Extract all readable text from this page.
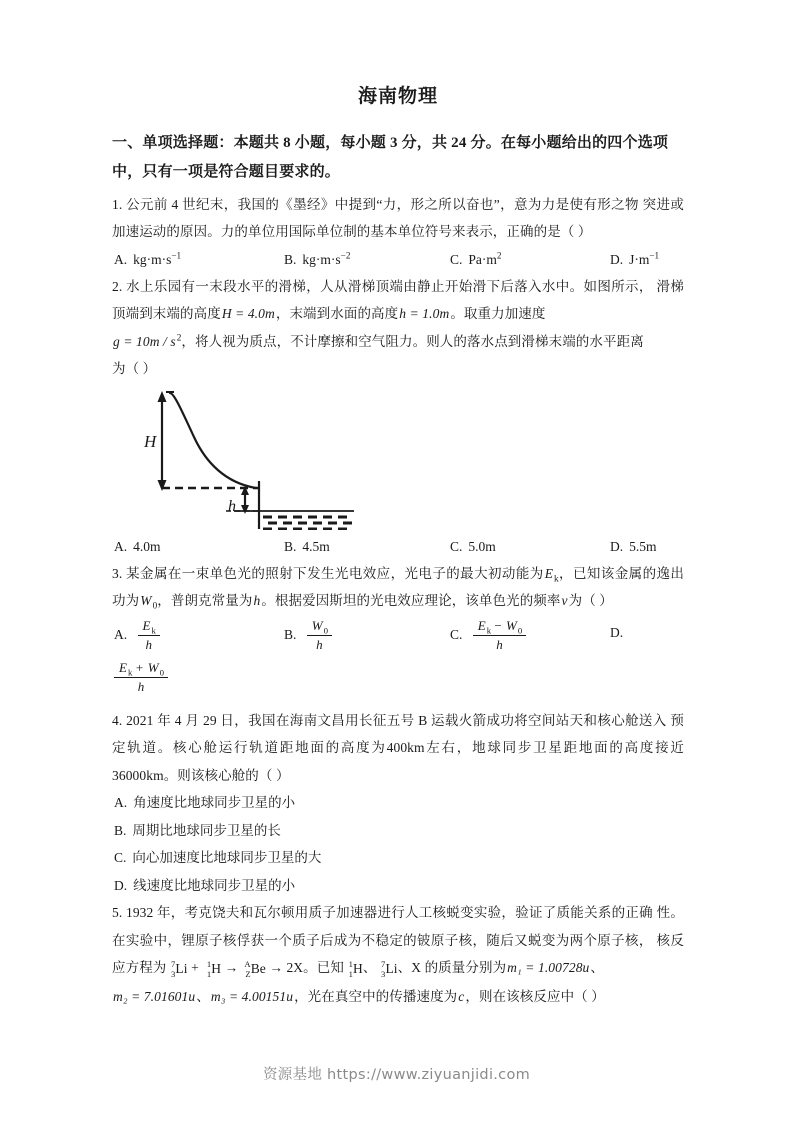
海南物理
一、单项选择题：本题共 8 小题，每小题 3 分，共 24 分。在每小题给出的四个选项中，只有一项是符合题目要求的。
1. 公元前 4 世纪末，我国的《墨经》中提到“力，形之所以奋也”，意为力是使有形之物 突进或加速运动的原因。力的单位用国际单位制的基本单位符号来表示，正确的是（ ）
A. $kg\cdot m\cdot s^{-1}$	B. $kg\cdot m\cdot s^{-2}$	C. $Pa\cdot m^2$	D. $J\cdot m^{-1}$
2. 水上乐园有一末段水平的滑梯，人从滑梯顶端由静止开始滑下后落入水中。如图所示， 滑梯顶端到末端的高度H = 4.0m，末端到水面的高度h = 1.0m。取重力加速度
$g = 10m / s^2$，将人视为质点，不计摩擦和空气阻力。则人的落水点到滑梯末端的水平距离
为（ ）
H
h
A. 4.0m	B. 4.5m	C. 5.0m	D. 5.5m
3. 某金属在一束单色光的照射下发生光电效应，光电子的最大初动能为$E_k$，已知该金属的逸出功为$W_0$，普朗克常量为h。根据爱因斯坦的光电效应理论，该单色光的频率ν为（ ）
A. $\frac{E_k}{h}$	B. $\frac{W_0}{h}$	C. $\frac{E_k - W_0}{h}$	D.
$\frac{E_k + W_0}{h}$
4. 2021 年 4 月 29 日，我国在海南文昌用长征五号 B 运载火箭成功将空间站天和核心舱送入 预定轨道。核心舱运行轨道距地面的高度为400km左右，地球同步卫星距地面的高度接近36000km。则该核心舱的（ ）
A. 角速度比地球同步卫星的小
B. 周期比地球同步卫星的长
C. 向心加速度比地球同步卫星的大
D. 线速度比地球同步卫星的小
5. 1932 年，考克饶夫和瓦尔顿用质子加速器进行人工核蜕变实验，验证了质能关系的正确 性。在实验中，锂原子核俘获一个质子后成为不稳定的铍原子核，随后又蜕变为两个原子核， 核反应方程为 7
3 Li + 1
1 H → A
Z Be → 2X。已知 1
1 H、 7
3 Li、X 的质量分别为m₁ = 1.00728u、
m₂ = 7.01601u、m₃ = 4.00151u，光在真空中的传播速度为c，则在该核反应中（ ）
资源基地 https://www.ziyuanjidi.com
